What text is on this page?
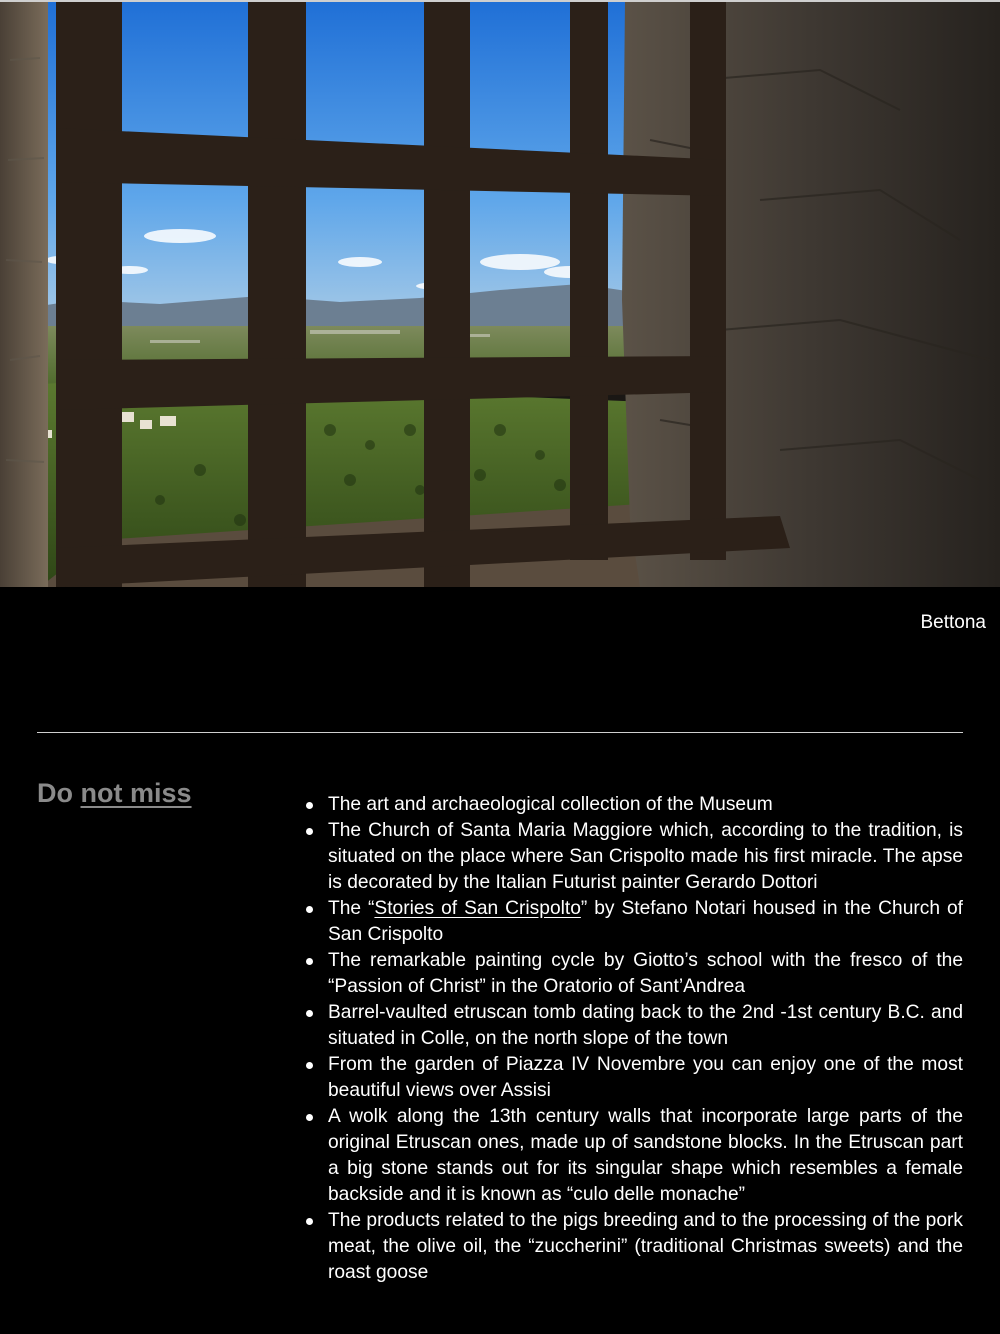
Bettona
Do not miss	The art and archaeological collection of the Museum
The Church of Santa Maria Maggiore which, according to the tradition, is situated on the place where San Crispolto made his first miracle. The apse is decorated by the Italian Futurist painter Gerardo Dottori
The “Stories of San Crispolto” by Stefano Notari housed in the Church of San Crispolto
The remarkable painting cycle by Giotto’s school with the fresco of the “Passion of Christ” in the Oratorio of Sant’Andrea
Barrel-vaulted etruscan tomb dating back to the 2nd -1st century B.C. and situated in Colle, on the north slope of the town
From the garden of Piazza IV Novembre you can enjoy one of the most beautiful views over Assisi
A wolk along the 13th century walls that incorporate large parts of the original Etruscan ones, made up of sandstone blocks. In the Etruscan part a big stone stands out for its singular shape which resembles a female backside and it is known as “culo delle monache”
The products related to the pigs breeding and to the processing of the pork meat, the olive oil, the “zuccherini” (traditional Christmas sweets) and the roast goose
